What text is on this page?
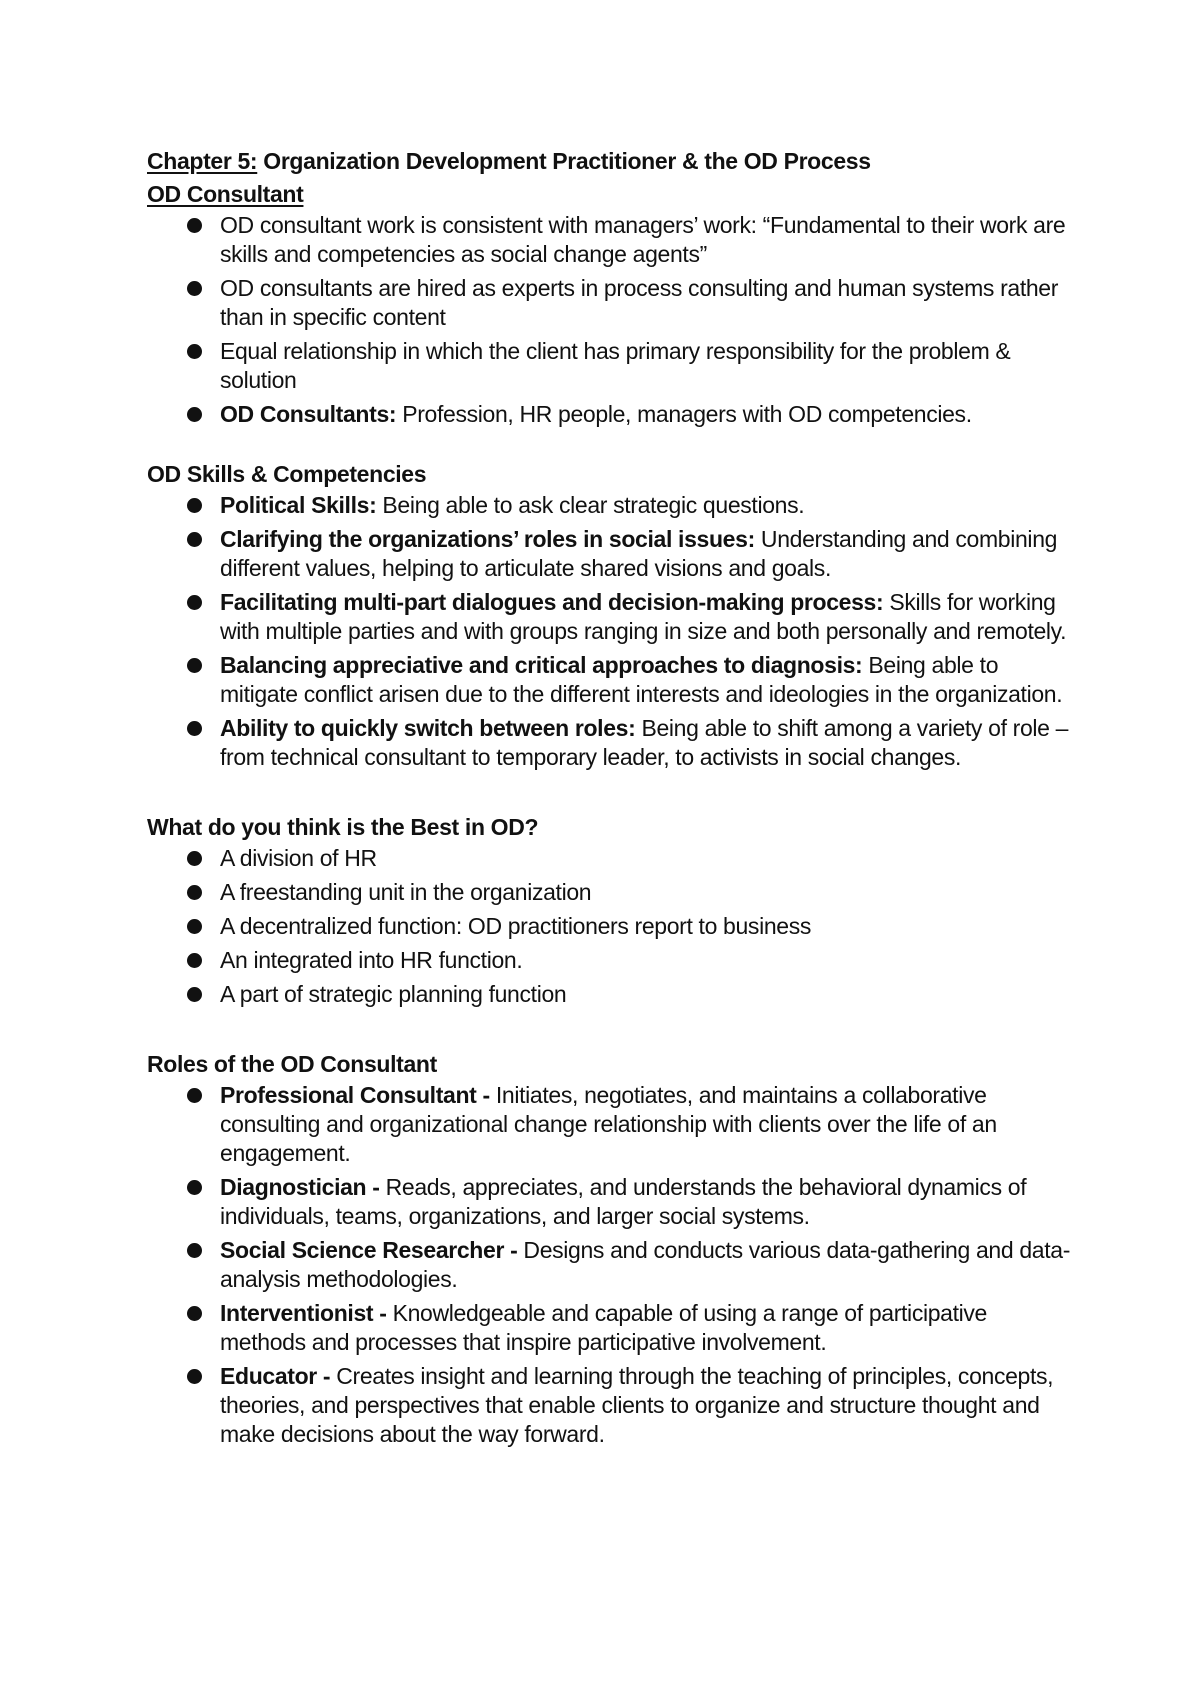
Chapter 5: Organization Development Practitioner & the OD Process

OD Consultant

OD consultant work is consistent with managers’ work: “Fundamental to their work are skills and competencies as social change agents”
OD consultants are hired as experts in process consulting and human systems rather than in specific content
Equal relationship in which the client has primary responsibility for the problem & solution
OD Consultants: Profession, HR people, managers with OD competencies.

OD Skills & Competencies

Political Skills: Being able to ask clear strategic questions.
Clarifying the organizations’ roles in social issues: Understanding and combining different values, helping to articulate shared visions and goals.
Facilitating multi-part dialogues and decision-making process: Skills for working with multiple parties and with groups ranging in size and both personally and remotely.
Balancing appreciative and critical approaches to diagnosis: Being able to mitigate conflict arisen due to the different interests and ideologies in the organization.
Ability to quickly switch between roles: Being able to shift among a variety of role – from technical consultant to temporary leader, to activists in social changes.

What do you think is the Best in OD?

A division of HR
A freestanding unit in the organization
A decentralized function: OD practitioners report to business
An integrated into HR function.
A part of strategic planning function

Roles of the OD Consultant

Professional Consultant - Initiates, negotiates, and maintains a collaborative consulting and organizational change relationship with clients over the life of an engagement.
Diagnostician - Reads, appreciates, and understands the behavioral dynamics of individuals, teams, organizations, and larger social systems.
Social Science Researcher - Designs and conducts various data-gathering and data-analysis methodologies.
Interventionist - Knowledgeable and capable of using a range of participative methods and processes that inspire participative involvement.
Educator - Creates insight and learning through the teaching of principles, concepts, theories, and perspectives that enable clients to organize and structure thought and make decisions about the way forward.
